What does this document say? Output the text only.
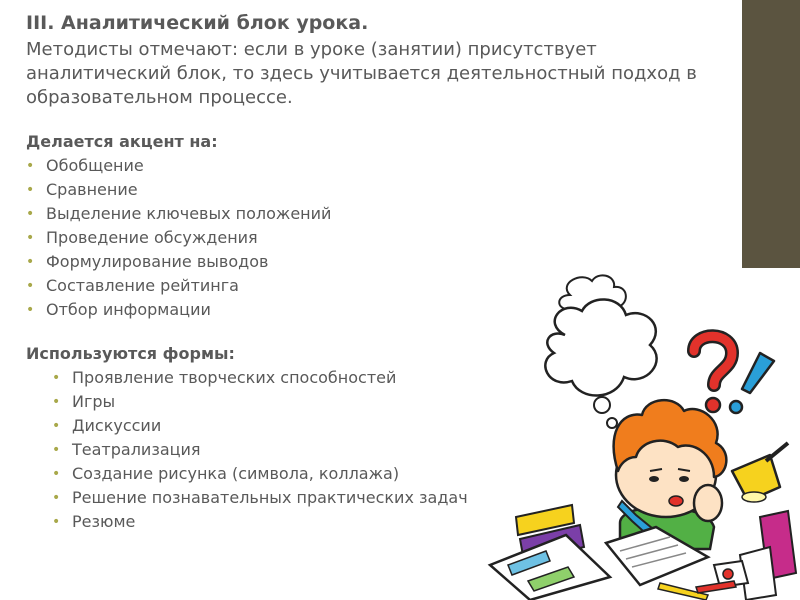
III. Аналитический блок урока.

Методисты отмечают: если в уроке (занятии) присутствует аналитический блок, то здесь учитывается деятельностный подход в образовательном процессе.

Делается акцент на:
• Обобщение
• Сравнение
• Выделение ключевых положений
• Проведение обсуждения
• Формулирование выводов
• Составление рейтинга
• Отбор информации
Используются формы:
• Проявление творческих способностей
• Игры
• Дискуссии
• Театрализация
• Создание рисунка (символа, коллажа)
• Решение познавательных практических задач
• Резюме
